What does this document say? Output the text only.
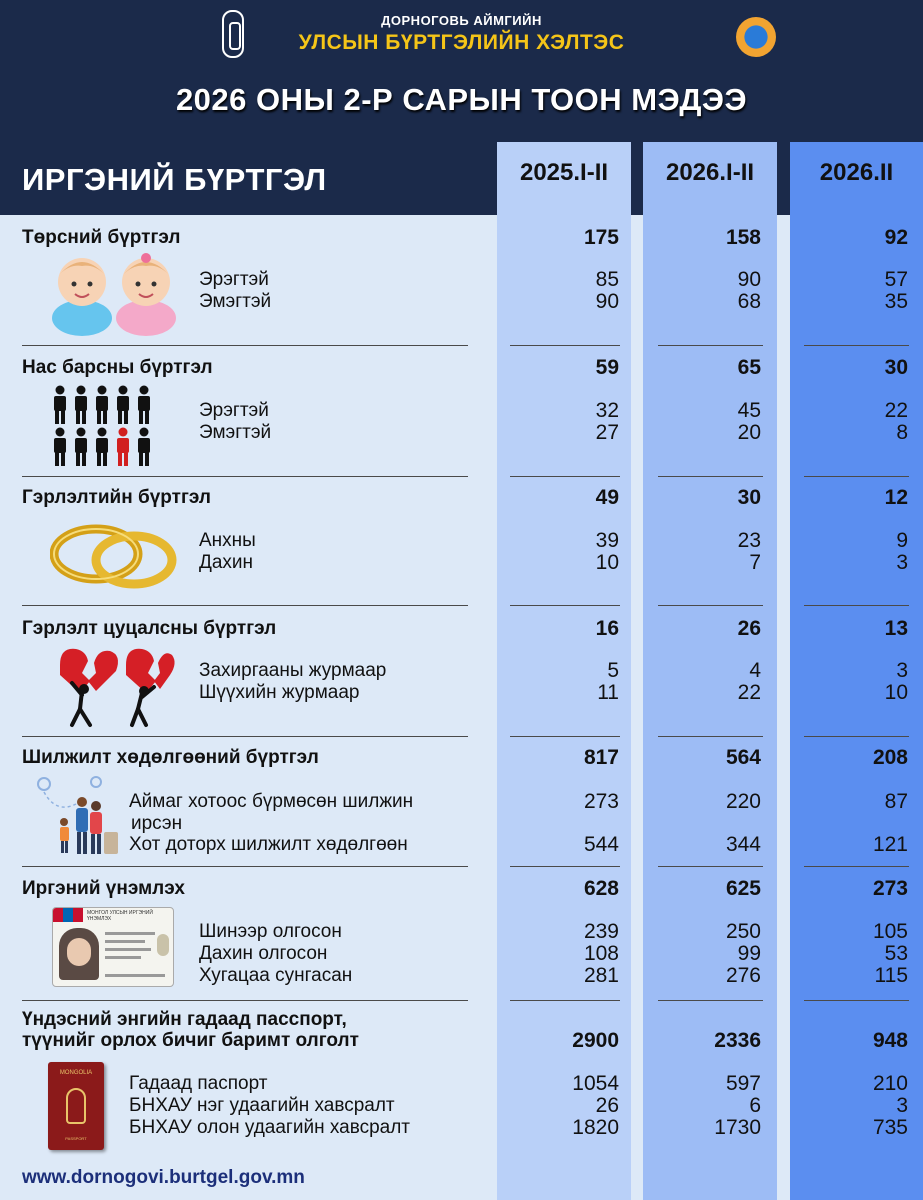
ДОРНОГОВЬ АЙМГИЙН
УЛСЫН БҮРТГЭЛИЙН ХЭЛТЭС
2026 ОНЫ 2-Р САРЫН ТООН МЭДЭЭ
ИРГЭНИЙ БҮРТГЭЛ	2025.I-II	2026.I-II	2026.II
МОНГОЛ УЛСЫН ИРГЭНИЙ ҮНЭМЛЭХ
MONGOLIA
PASSPORT
Төрсний бүртгэл	175	158	92
Эрэгтэй	85	90	57
Эмэгтэй	90	68	35
Нас барсны бүртгэл	59	65	30
Эрэгтэй	32	45	22
Эмэгтэй	27	20	8
Гэрлэлтийн бүртгэл	49	30	12
Анхны	39	23	9
Дахин	10	7	3
Гэрлэлт цуцалсны бүртгэл	16	26	13
Захиргааны журмаар	5	4	3
Шүүхийн журмаар	11	22	10
Шилжилт хөдөлгөөний бүртгэл	817	564	208
Аймаг хотоос бүрмөсөн шилжин
ирсэн
273	220	87
Хот доторх шилжилт хөдөлгөөн	544	344	121
Иргэний үнэмлэх	628	625	273
Шинээр олгосон	239	250	105
Дахин олгосон	108	99	53
Хугацаа сунгасан	281	276	115
Үндэсний энгийн гадаад пасспорт,
түүнийг орлох бичиг баримт олголт	2900	2336	948
Гадаад паспорт	1054	597	210
БНХАУ нэг удаагийн хавсралт	26	6	3
БНХАУ олон удаагийн хавсралт	1820	1730	735
www.dornogovi.burtgel.gov.mn
